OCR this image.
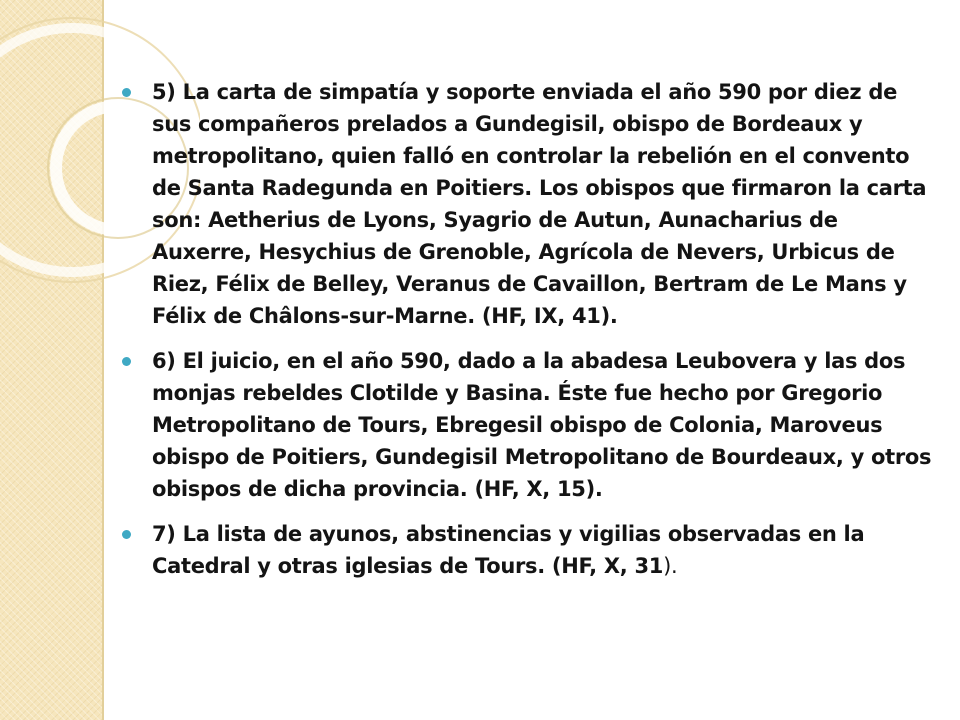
5) La carta de simpatía y soporte enviada el año 590 por diez de sus compañeros prelados a Gundegisil, obispo de Bordeaux y metropolitano, quien falló en controlar la rebelión en el convento de Santa Radegunda en Poitiers. Los obispos que firmaron la carta son: Aetherius de Lyons, Syagrio de Autun, Aunacharius de Auxerre, Hesychius de Grenoble, Agrícola de Nevers, Urbicus de Riez, Félix de Belley, Veranus de Cavaillon, Bertram de Le Mans y Félix de Châlons-sur-Marne. (HF, IX, 41).
6) El juicio, en el año 590, dado a la abadesa Leubovera y las dos monjas rebeldes Clotilde y Basina. Éste fue hecho por Gregorio Metropolitano de Tours, Ebregesil obispo de Colonia, Maroveus obispo de Poitiers, Gundegisil Metropolitano de Bourdeaux, y otros obispos de dicha provincia. (HF, X, 15).
7) La lista de ayunos, abstinencias y vigilias observadas en la Catedral y otras iglesias de Tours. (HF, X, 31).
